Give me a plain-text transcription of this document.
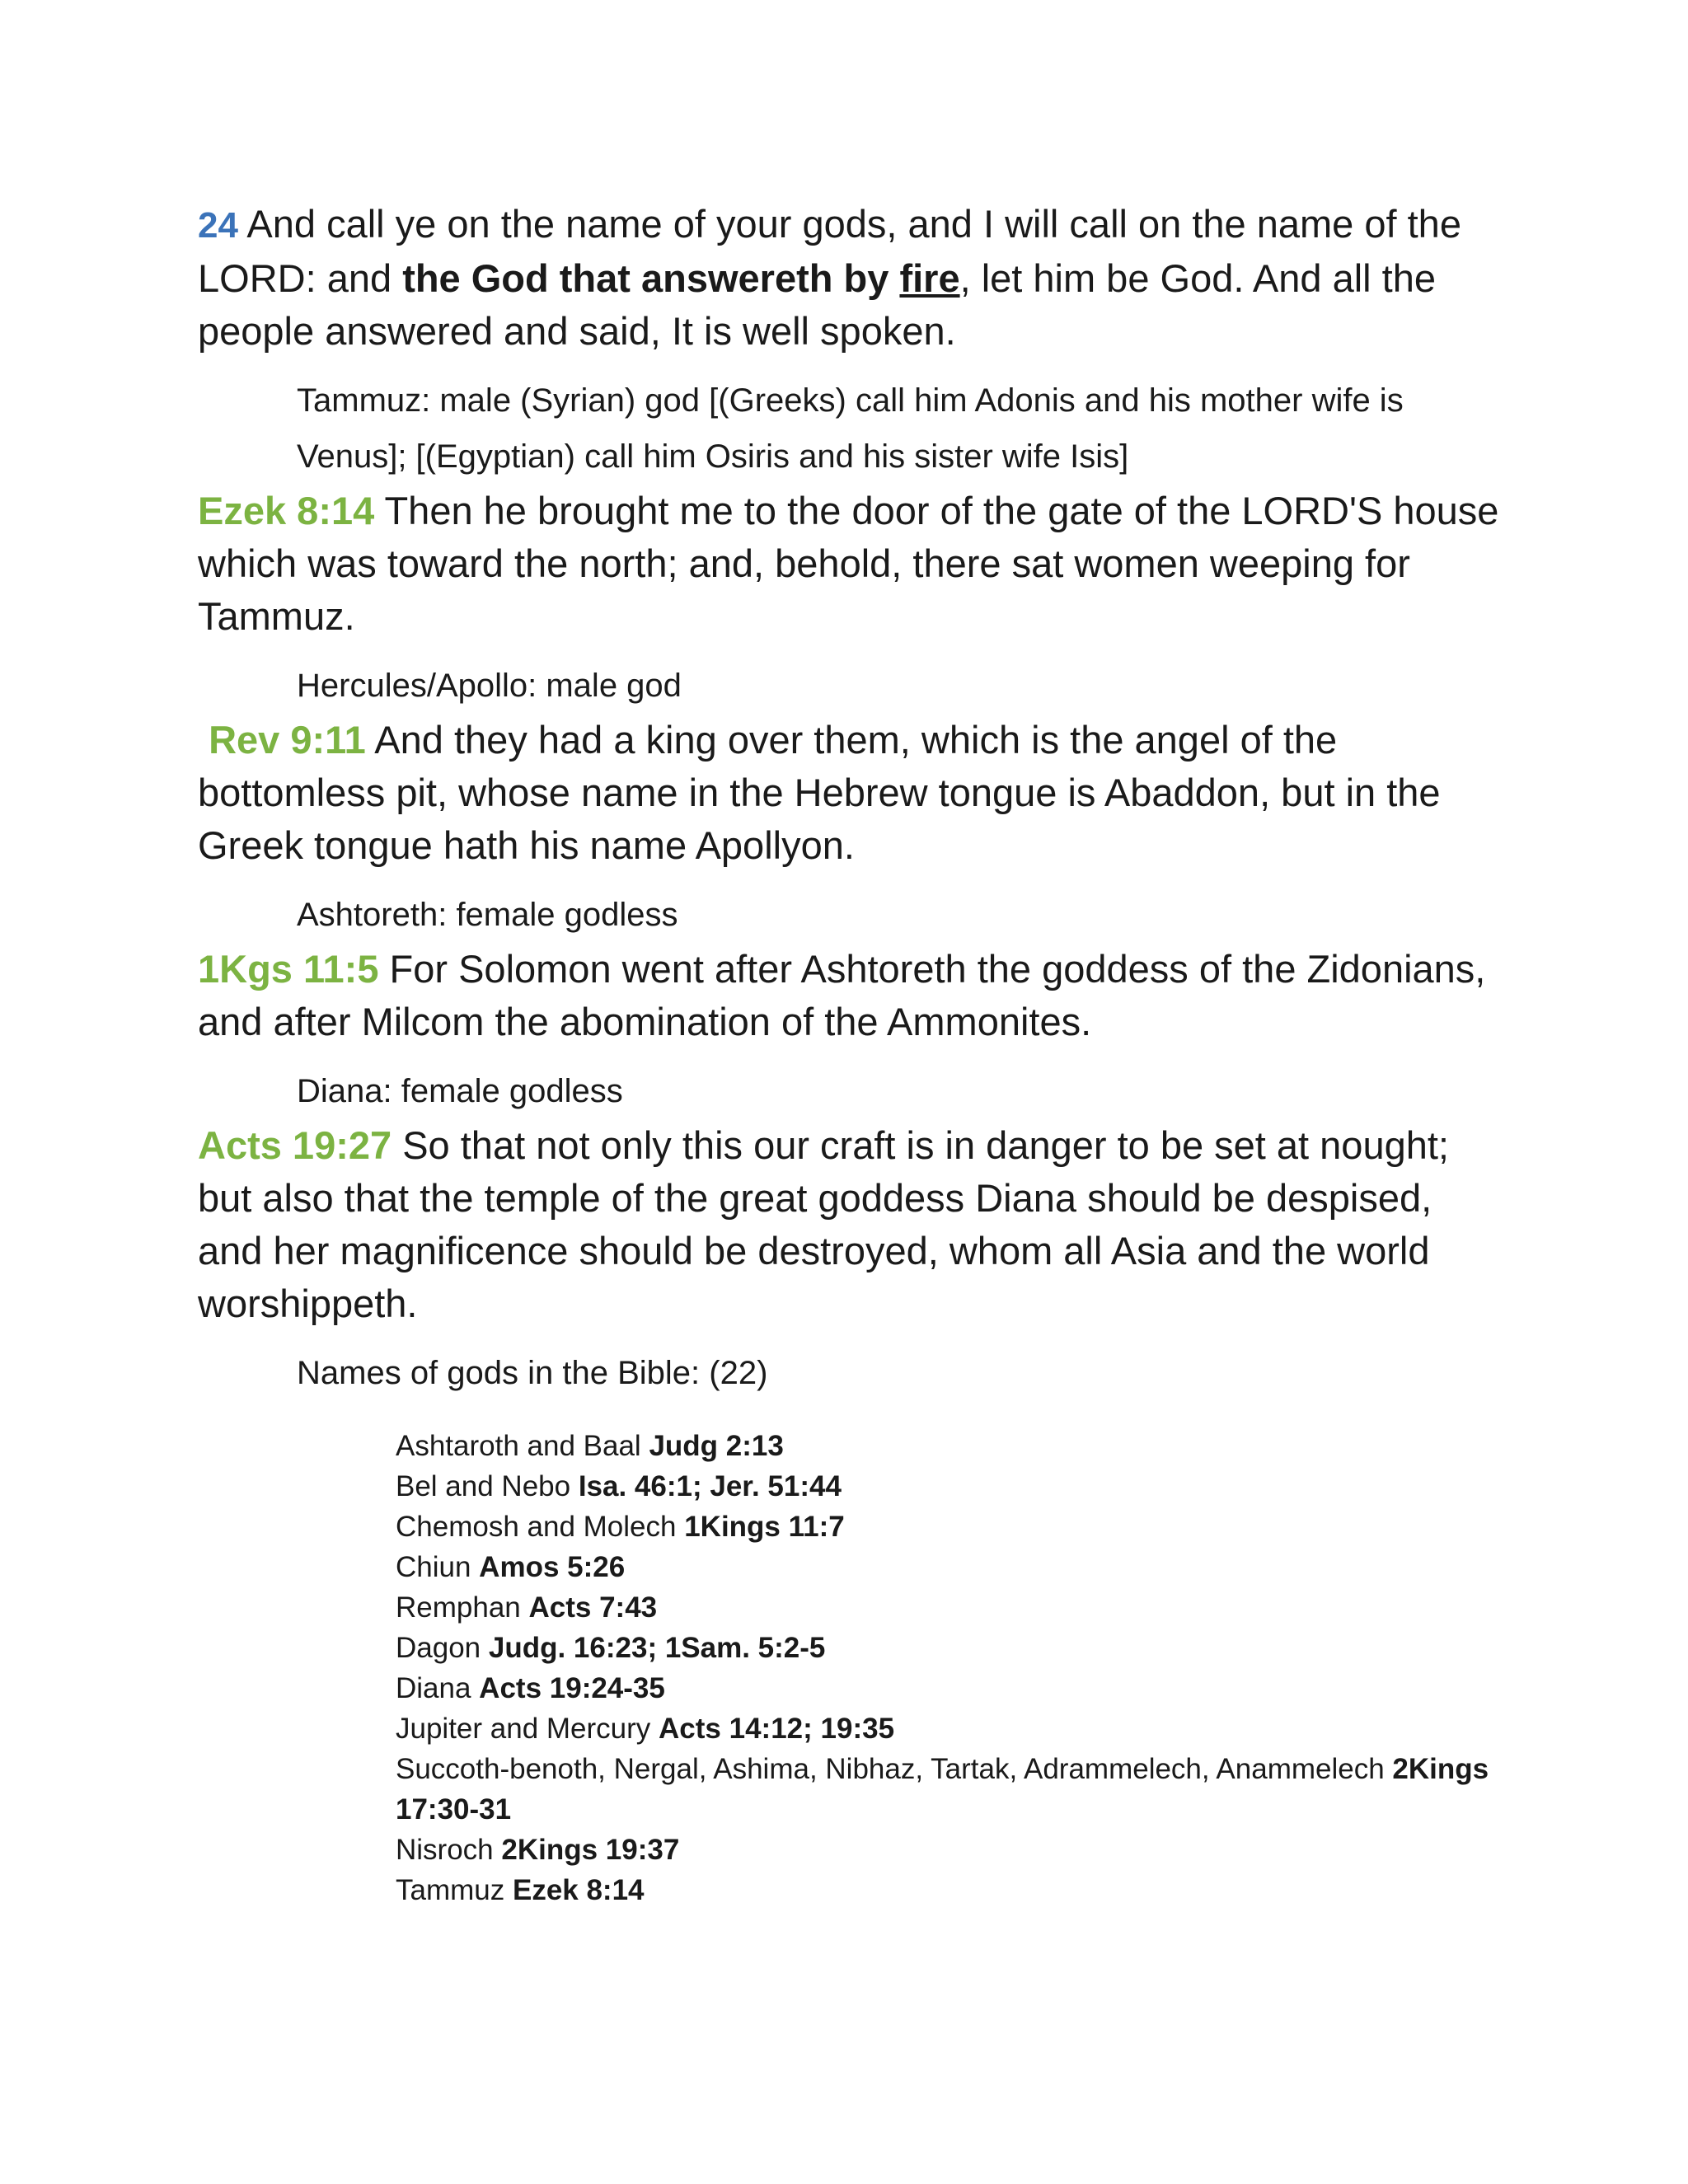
24 And call ye on the name of your gods, and I will call on the name of the LORD: and the God that answereth by fire, let him be God. And all the people answered and said, It is well spoken.

Tammuz: male (Syrian) god [(Greeks) call him Adonis and his mother wife is
Venus]; [(Egyptian) call him Osiris and his sister wife Isis]

Ezek 8:14 Then he brought me to the door of the gate of the LORD'S house which was toward the north; and, behold, there sat women weeping for Tammuz.

Hercules/Apollo: male god

Rev 9:11 And they had a king over them, which is the angel of the bottomless pit, whose name in the Hebrew tongue is Abaddon, but in the Greek tongue hath his name Apollyon.

Ashtoreth: female godless

1Kgs 11:5 For Solomon went after Ashtoreth the goddess of the Zidonians, and after Milcom the abomination of the Ammonites.

Diana: female godless

Acts 19:27 So that not only this our craft is in danger to be set at nought; but also that the temple of the great goddess Diana should be despised, and her magnificence should be destroyed, whom all Asia and the world worshippeth.

Names of gods in the Bible: (22)

Ashtaroth and Baal Judg 2:13
Bel and Nebo Isa. 46:1; Jer. 51:44
Chemosh and Molech 1Kings 11:7
Chiun Amos 5:26
Remphan Acts 7:43
Dagon Judg. 16:23; 1Sam. 5:2-5
Diana Acts 19:24-35
Jupiter and Mercury Acts 14:12; 19:35
Succoth-benoth, Nergal, Ashima, Nibhaz, Tartak, Adrammelech, Anammelech 2Kings 17:30-31
Nisroch 2Kings 19:37
Tammuz Ezek 8:14
